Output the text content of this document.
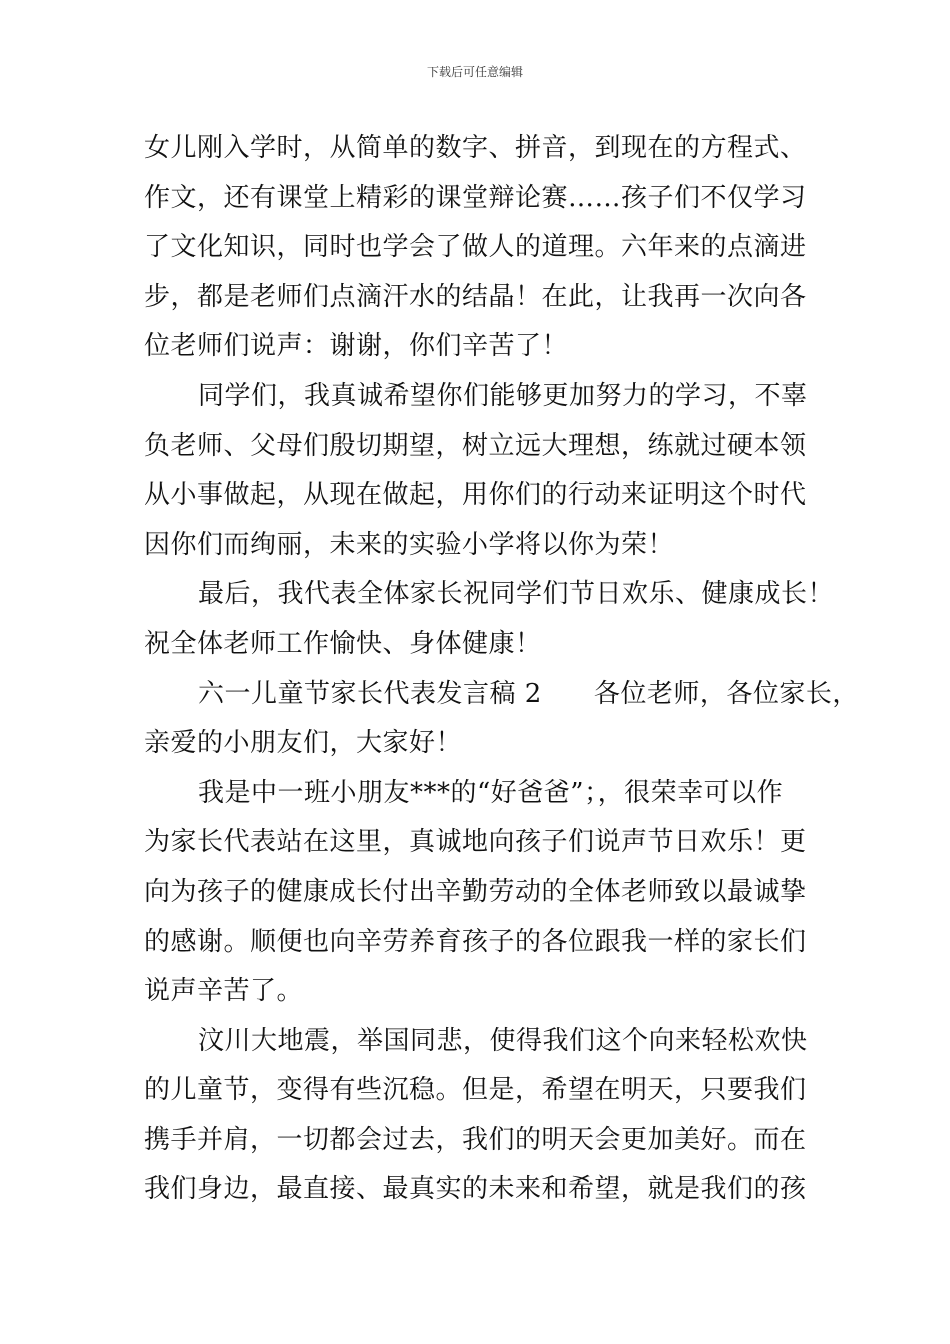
下载后可任意编辑
女儿刚入学时，从简单的数字、拼音，到现在的方程式、
作文，还有课堂上精彩的课堂辩论赛……孩子们不仅学习
了文化知识，同时也学会了做人的道理。六年来的点滴进
步，都是老师们点滴汗水的结晶！在此，让我再一次向各
位老师们说声：谢谢，你们辛苦了！
同学们，我真诚希望你们能够更加努力的学习，不辜
负老师、父母们殷切期望，树立远大理想，练就过硬本领
从小事做起，从现在做起，用你们的行动来证明这个时代
因你们而绚丽，未来的实验小学将以你为荣！
最后，我代表全体家长祝同学们节日欢乐、健康成长！
祝全体老师工作愉快、身体健康！
六一儿童节家长代表发言稿 2 各位老师，各位家长，
亲爱的小朋友们，大家好！
我是中一班小朋友***的“好爸爸”；，很荣幸可以作
为家长代表站在这里，真诚地向孩子们说声节日欢乐！更
向为孩子的健康成长付出辛勤劳动的全体老师致以最诚挚
的感谢。顺便也向辛劳养育孩子的各位跟我一样的家长们
说声辛苦了。
汶川大地震，举国同悲，使得我们这个向来轻松欢快
的儿童节，变得有些沉稳。但是，希望在明天，只要我们
携手并肩，一切都会过去，我们的明天会更加美好。而在
我们身边，最直接、最真实的未来和希望，就是我们的孩
